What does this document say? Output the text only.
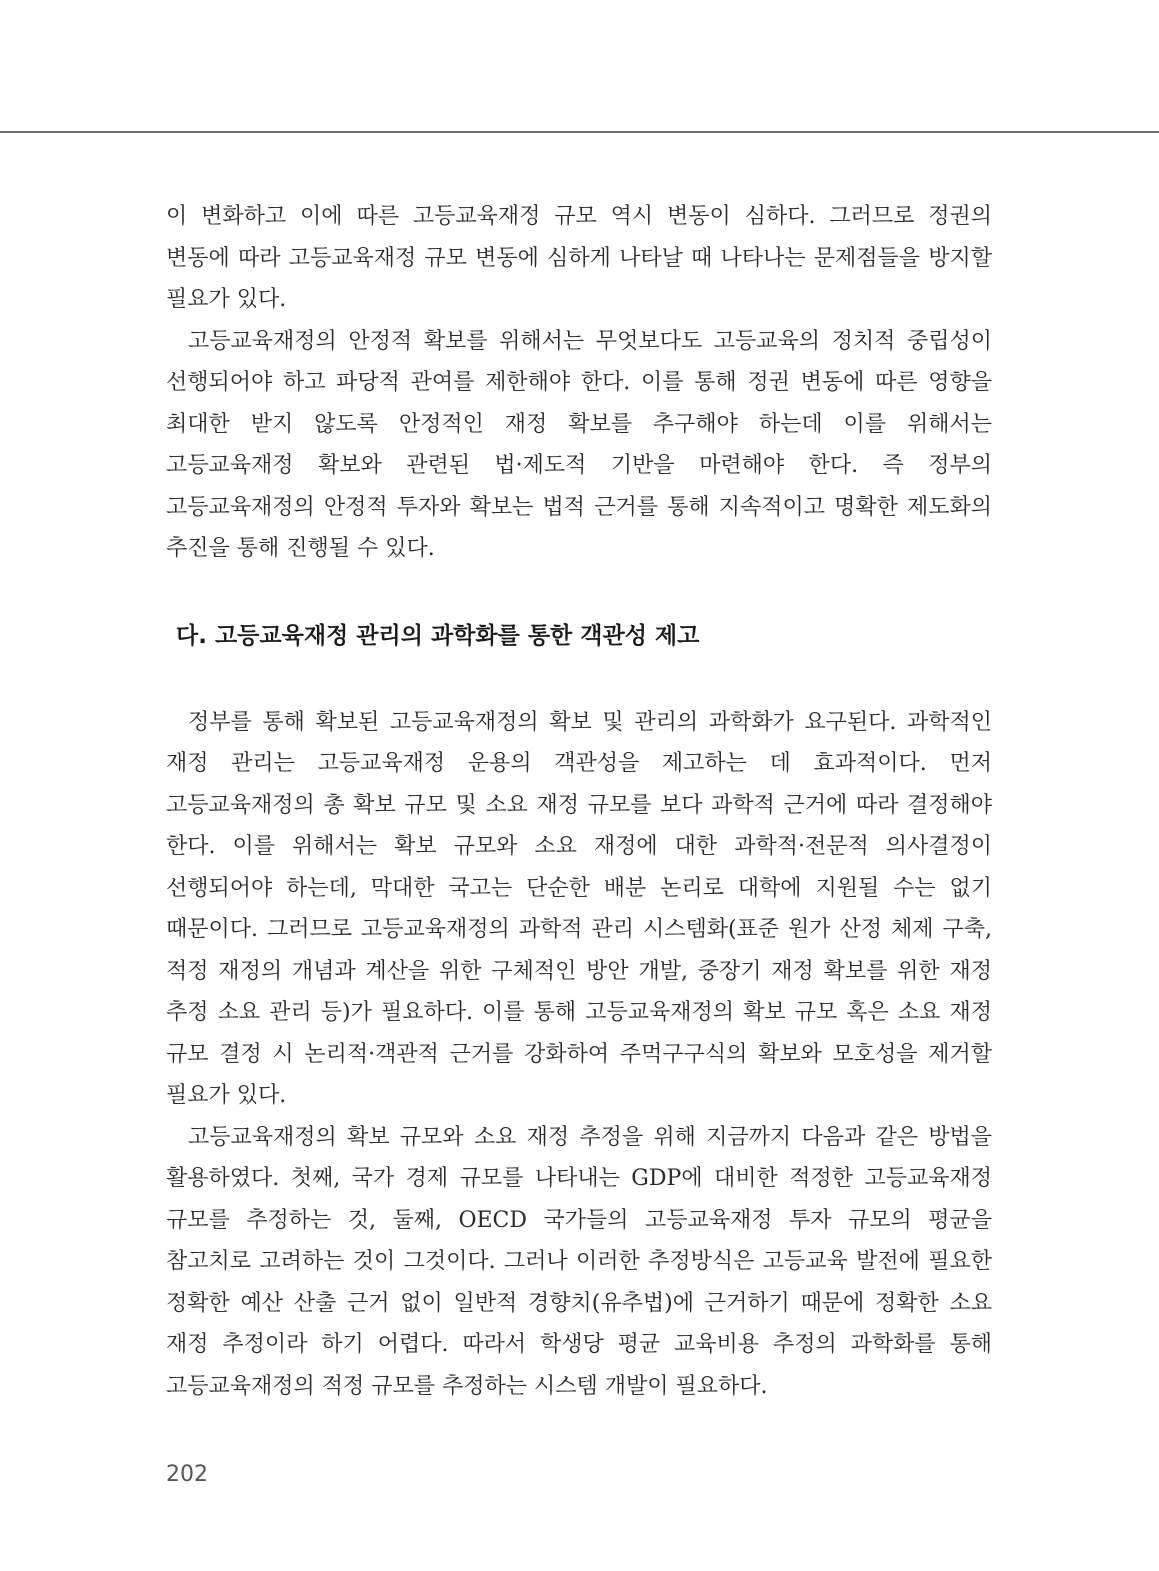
이 변화하고 이에 따른 고등교육재정 규모 역시 변동이 심하다. 그러므로 정권의 변동에 따라 고등교육재정 규모 변동에 심하게 나타날 때 나타나는 문제점들을 방지할 필요가 있다.

고등교육재정의 안정적 확보를 위해서는 무엇보다도 고등교육의 정치적 중립성이 선행되어야 하고 파당적 관여를 제한해야 한다. 이를 통해 정권 변동에 따른 영향을 최대한 받지 않도록 안정적인 재정 확보를 추구해야 하는데 이를 위해서는 고등교육재정 확보와 관련된 법·제도적 기반을 마련해야 한다. 즉 정부의 고등교육재정의 안정적 투자와 확보는 법적 근거를 통해 지속적이고 명확한 제도화의 추진을 통해 진행될 수 있다.

다. 고등교육재정 관리의 과학화를 통한 객관성 제고

정부를 통해 확보된 고등교육재정의 확보 및 관리의 과학화가 요구된다. 과학적인 재정 관리는 고등교육재정 운용의 객관성을 제고하는 데 효과적이다. 먼저 고등교육재정의 총 확보 규모 및 소요 재정 규모를 보다 과학적 근거에 따라 결정해야 한다. 이를 위해서는 확보 규모와 소요 재정에 대한 과학적·전문적 의사결정이 선행되어야 하는데, 막대한 국고는 단순한 배분 논리로 대학에 지원될 수는 없기 때문이다. 그러므로 고등교육재정의 과학적 관리 시스템화(표준 원가 산정 체제 구축, 적정 재정의 개념과 계산을 위한 구체적인 방안 개발, 중장기 재정 확보를 위한 재정 추정 소요 관리 등)가 필요하다. 이를 통해 고등교육재정의 확보 규모 혹은 소요 재정 규모 결정 시 논리적·객관적 근거를 강화하여 주먹구구식의 확보와 모호성을 제거할 필요가 있다.

고등교육재정의 확보 규모와 소요 재정 추정을 위해 지금까지 다음과 같은 방법을 활용하였다. 첫째, 국가 경제 규모를 나타내는 GDP에 대비한 적정한 고등교육재정 규모를 추정하는 것, 둘째, OECD 국가들의 고등교육재정 투자 규모의 평균을 참고치로 고려하는 것이 그것이다. 그러나 이러한 추정방식은 고등교육 발전에 필요한 정확한 예산 산출 근거 없이 일반적 경향치(유추법)에 근거하기 때문에 정확한 소요 재정 추정이라 하기 어렵다. 따라서 학생당 평균 교육비용 추정의 과학화를 통해 고등교육재정의 적정 규모를 추정하는 시스템 개발이 필요하다.

202
